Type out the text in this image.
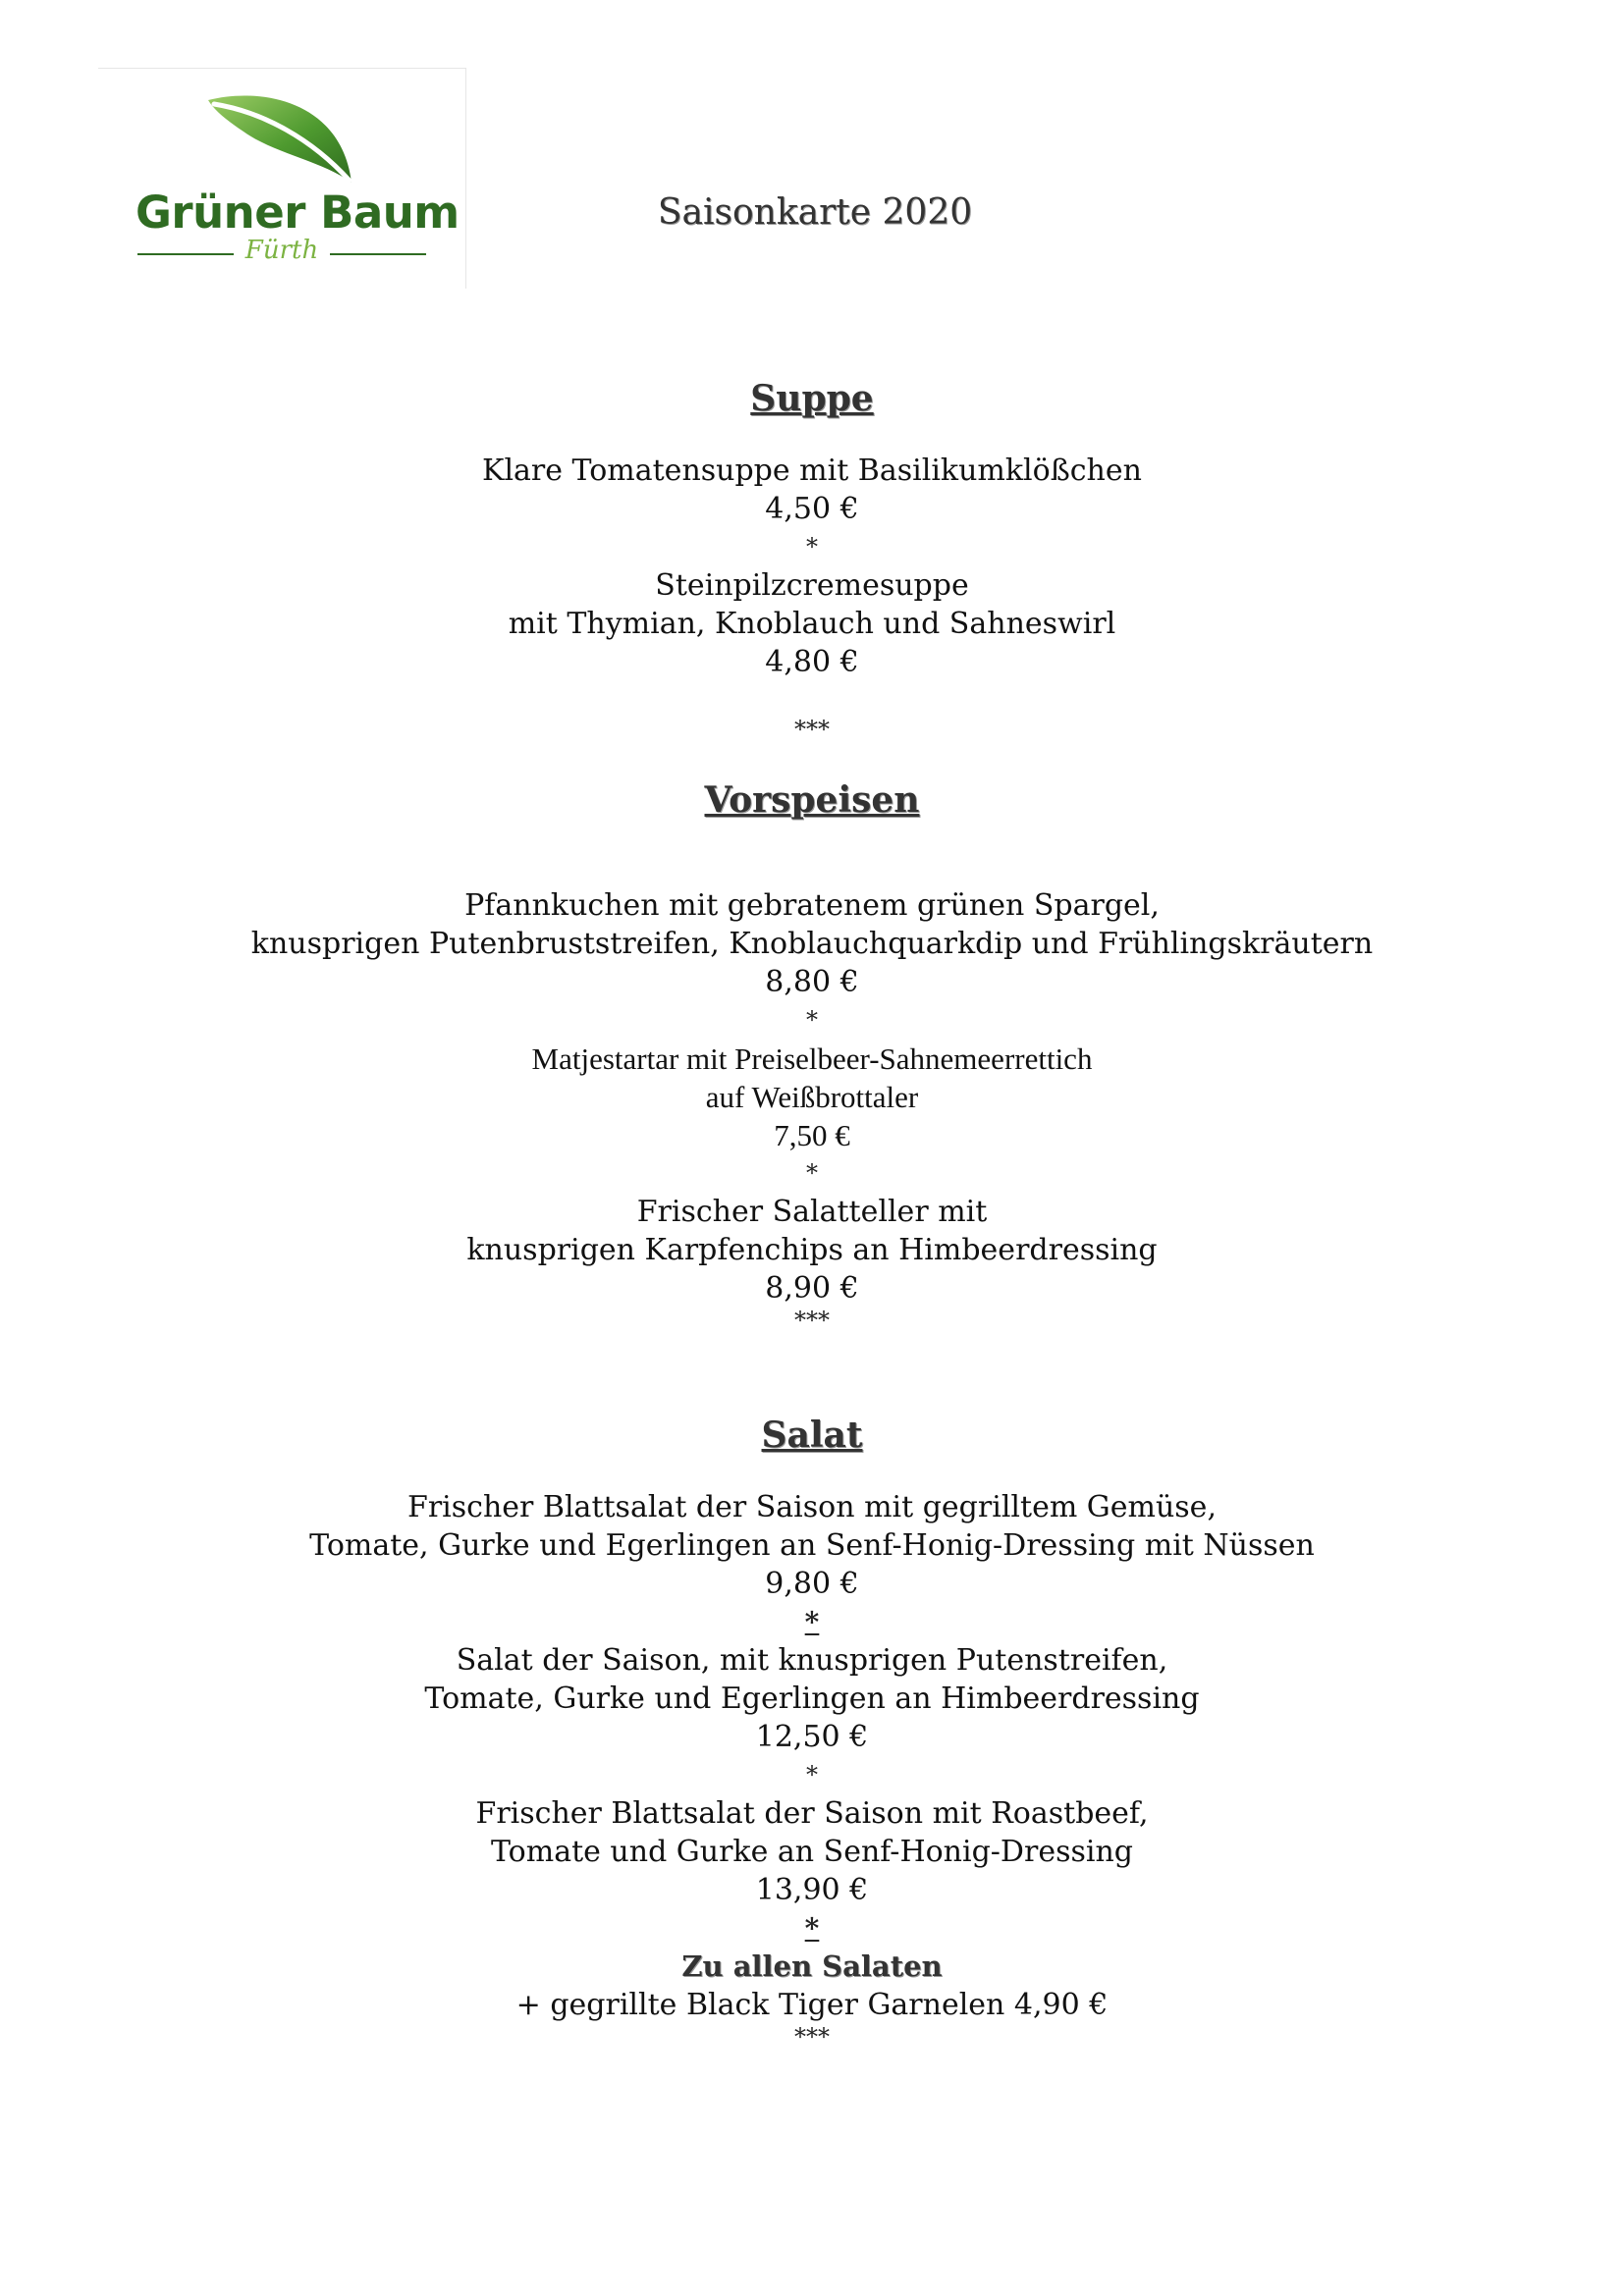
Grüner Baum
Fürth
Saisonkarte 2020

Suppe

Klare Tomatensuppe mit Basilikumklößchen

4,50 €

*

Steinpilzcremesuppe

mit Thymian, Knoblauch und Sahneswirl

4,80 €

***

Vorspeisen

Pfannkuchen mit gebratenem grünen Spargel,

knusprigen Putenbruststreifen, Knoblauchquarkdip und Frühlingskräutern

8,80 €

*

Matjestartar mit Preiselbeer-Sahnemeerrettich

auf Weißbrottaler

7,50 €

*

Frischer Salatteller mit

knusprigen Karpfenchips an Himbeerdressing

8,90 €

***

Salat

Frischer Blattsalat der Saison mit gegrilltem Gemüse,

Tomate, Gurke und Egerlingen an Senf-Honig-Dressing mit Nüssen

9,80 €

*

Salat der Saison, mit knusprigen Putenstreifen,

Tomate, Gurke und Egerlingen an Himbeerdressing

12,50 €

*

Frischer Blattsalat der Saison mit Roastbeef,

Tomate und Gurke an Senf-Honig-Dressing

13,90 €

*

Zu allen Salaten

+ gegrillte Black Tiger Garnelen 4,90 €

***
